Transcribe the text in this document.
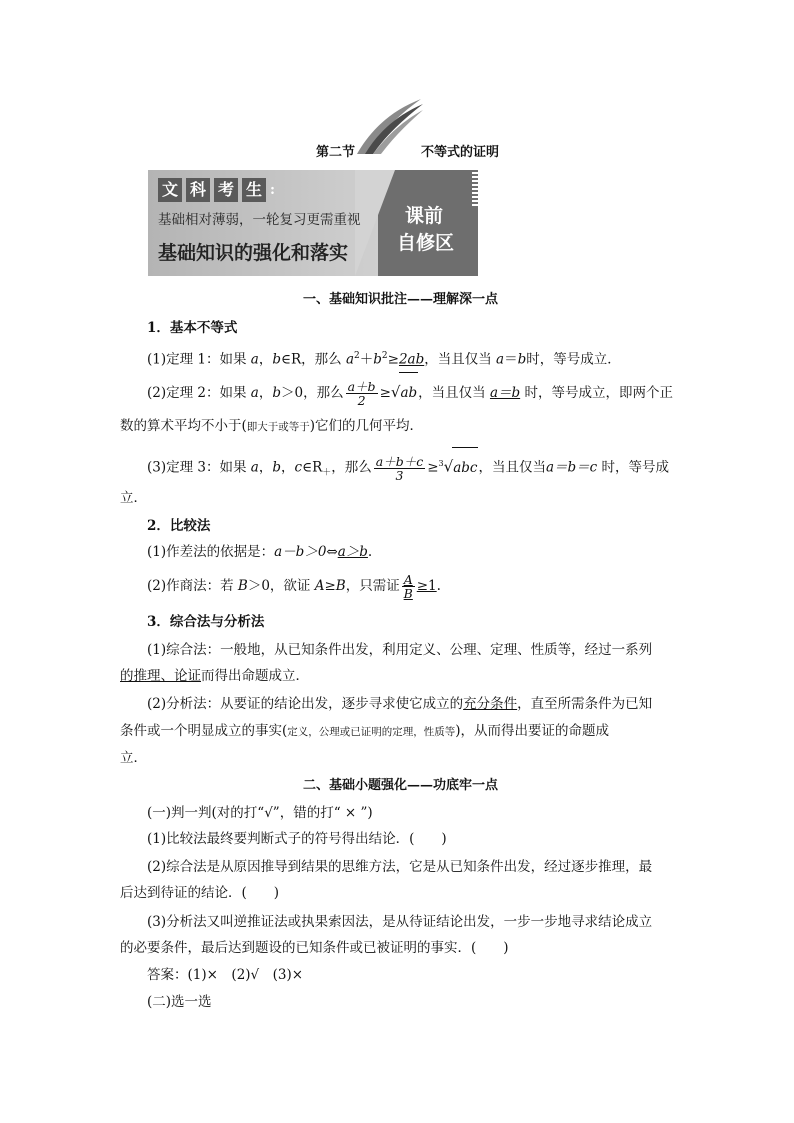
第二节	不等式的证明
文 科 考 生 :
基础相对薄弱，一轮复习更需重视
基础知识的强化和落实
课前
自修区
一、基础知识批注——理解深一点
1．基本不等式
(1)定理 1：如果 a，b∈R，那么 $a^2+b^2\ge 2ab$，当且仅当 a＝b时，等号成立．
(2)定理 2：如果 a，b＞0，那么 $\frac{a+b}{2} \ge√ab$，当且仅当 a＝b 时，等号成立，即两个正
数的算术平均不小于(即大于或等于)它们的几何平均．
(3)定理 3：如果 a，b，$c\in R_+$，那么 $\frac{a+b+c}{3} \ge^3√abc$，当且仅当a＝b＝c 时，等号成
立．
2．比较法
(1)作差法的依据是：a－b＞0⇔a＞b.
(2)作商法：若 B＞0，欲证 A≥B，只需证 $\frac{A}{B} \ge 1$.
3．综合法与分析法
(1)综合法：一般地，从已知条件出发，利用定义、公理、定理、性质等，经过一系列
的推理、论证而得出命题成立．
(2)分析法：从要证的结论出发，逐步寻求使它成立的充分条件，直至所需条件为已知
条件或一个明显成立的事实(定义，公理或已证明的定理，性质等)，从而得出要证的命题成
立．
二、基础小题强化——功底牢一点
(一)判一判(对的打“√”，错的打“ × ”)
(1)比较法最终要判断式子的符号得出结论．(　　)
(2)综合法是从原因推导到结果的思维方法，它是从已知条件出发，经过逐步推理，最
后达到待证的结论．(　　)
(3)分析法又叫逆推证法或执果索因法，是从待证结论出发，一步一步地寻求结论成立
的必要条件，最后达到题设的已知条件或已被证明的事实．(　　)
答案：(1)×　(2)√　(3)×
(二)选一选
